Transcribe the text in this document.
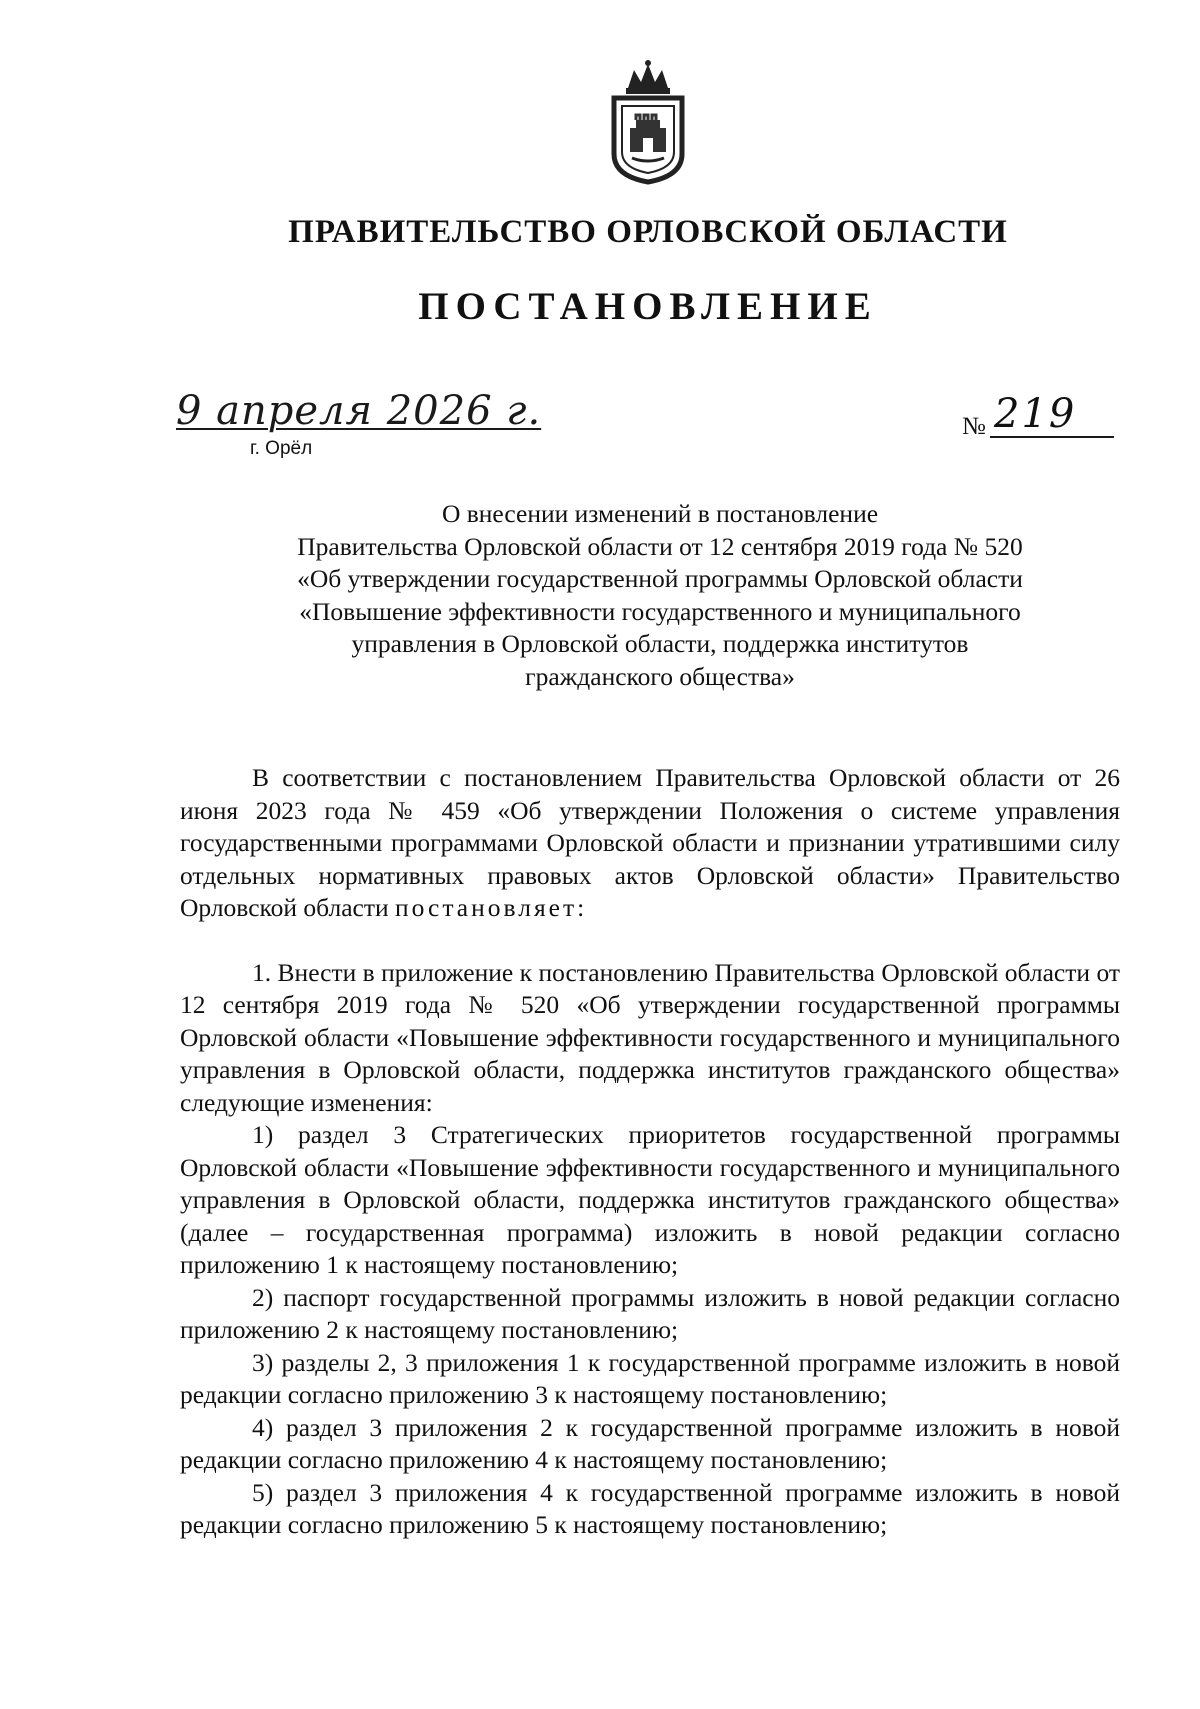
ПРАВИТЕЛЬСТВО ОРЛОВСКОЙ ОБЛАСТИ
ПОСТАНОВЛЕНИЕ
9 апреля 2026 г.
г. Орёл
№ 219
О внесении изменений в постановление
Правительства Орловской области от 12 сентября 2019 года № 520
«Об утверждении государственной программы Орловской области
«Повышение эффективности государственного и муниципального
управления в Орловской области, поддержка институтов
гражданского общества»

В соответствии с постановлением Правительства Орловской области от 26 июня 2023 года № 459 «Об утверждении Положения о системе управления государственными программами Орловской области и признании утратившими силу отдельных нормативных правовых актов Орловской области» Правительство Орловской области постановляет:

1. Внести в приложение к постановлению Правительства Орловской области от 12 сентября 2019 года № 520 «Об утверждении государственной программы Орловской области «Повышение эффективности государственного и муниципального управления в Орловской области, поддержка институтов гражданского общества» следующие изменения:

1) раздел 3 Стратегических приоритетов государственной программы Орловской области «Повышение эффективности государственного и муниципального управления в Орловской области, поддержка институтов гражданского общества» (далее – государственная программа) изложить в новой редакции согласно приложению 1 к настоящему постановлению;

2) паспорт государственной программы изложить в новой редакции согласно приложению 2 к настоящему постановлению;

3) разделы 2, 3 приложения 1 к государственной программе изложить в новой редакции согласно приложению 3 к настоящему постановлению;

4) раздел 3 приложения 2 к государственной программе изложить в новой редакции согласно приложению 4 к настоящему постановлению;

5) раздел 3 приложения 4 к государственной программе изложить в новой редакции согласно приложению 5 к настоящему постановлению;
